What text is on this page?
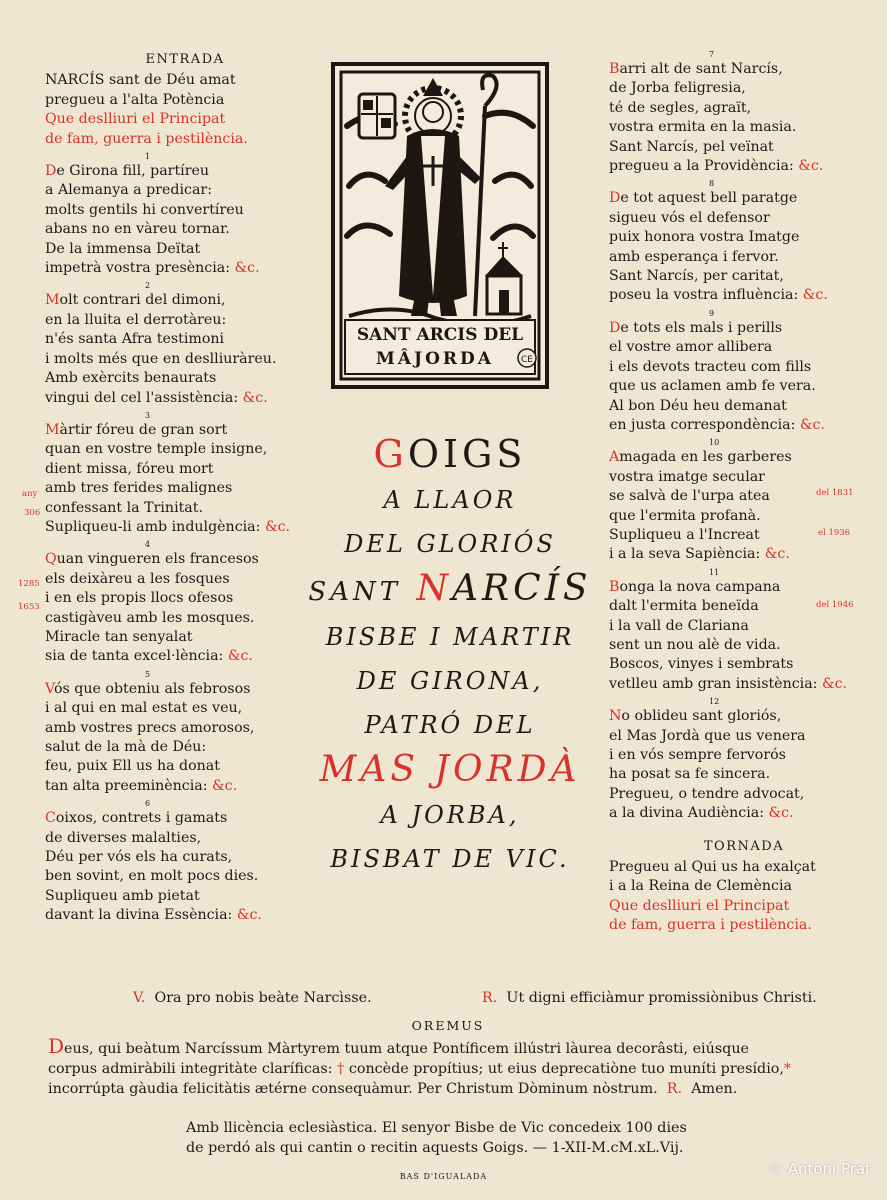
ENTRADA
NARCÍS sant de Déu amat
pregueu a l'alta Potència
Que deslliuri el Principat
de fam, guerra i pestilència.
1
De Girona fill, partíreu
a Alemanya a predicar:
molts gentils hi convertíreu
abans no en vàreu tornar.
De la immensa Deïtat
impetrà vostra presència: &c.
2
Molt contrari del dimoni,
en la lluita el derrotàreu:
n'és santa Afra testimoni
i molts més que en deslliuràreu.
Amb exèrcits benaurats
vingui del cel l'assistència: &c.
3
Màrtir fóreu de gran sort
quan en vostre temple insigne,
dient missa, fóreu mort
amb tres ferides malignes
confessant la Trinitat.
Supliqueu-li amb indulgència: &c.
4
Quan vingueren els francesos
els deixàreu a les fosques
i en els propis llocs ofesos
castigàveu amb les mosques.
Miracle tan senyalat
sia de tanta excel·lència: &c.
5
Vós que obteniu als febrosos
i al qui en mal estat es veu,
amb vostres precs amorosos,
salut de la mà de Déu:
feu, puix Ell us ha donat
tan alta preeminència: &c.
6
Coixos, contrets i gamats
de diverses malalties,
Déu per vós els ha curats,
ben sovint, en molt pocs dies.
Supliqueu amb pietat
davant la divina Essència: &c.
any
306
1285
1653
SANT ARCIS DEL
MÂJORDA	CE
GOIGS
A LLAOR
DEL GLORIÓS
SANT NARCÍS
BISBE I MARTIR
DE GIRONA,
PATRÓ DEL
MAS JORDÀ
A JORBA,
BISBAT DE VIC.
7
Barri alt de sant Narcís,
de Jorba feligresia,
té de segles, agraït,
vostra ermita en la masia.
Sant Narcís, pel veïnat
pregueu a la Providència: &c.
8
De tot aquest bell paratge
sigueu vós el defensor
puix honora vostra Imatge
amb esperança i fervor.
Sant Narcís, per caritat,
poseu la vostra influència: &c.
9
De tots els mals i perills
el vostre amor allibera
i els devots tracteu com fills
que us aclamen amb fe vera.
Al bon Déu heu demanat
en justa correspondència: &c.
10
Amagada en les garberes
vostra imatge secular
se salvà de l'urpa atea
que l'ermita profanà.
Supliqueu a l'Increat
i a la seva Sapiència: &c.
11
Bonga la nova campana
dalt l'ermita beneïda
i la vall de Clariana
sent un nou alè de vida.
Boscos, vinyes i sembrats
vetlleu amb gran insistència: &c.
12
No oblideu sant gloriós,
el Mas Jordà que us venera
i en vós sempre fervorós
ha posat sa fe sincera.
Pregueu, o tendre advocat,
a la divina Audiència: &c.
TORNADA
Pregueu al Qui us ha exalçat
i a la Reina de Clemència
Que deslliuri el Principat
de fam, guerra i pestilència.
del 1831
el 1936
del 1946
V. Ora pro nobis beàte Narcìsse.	R. Ut digni efficiàmur promissiònibus Christi.
OREMUS
Deus, qui beàtum Narcíssum Màrtyrem tuum atque Pontíficem illústri làurea decorâsti, eiúsque
corpus admiràbili integritàte claríficas: † concède propítius; ut eius deprecatiòne tuo muníti presídio,*
incorrúpta gàudia felicitàtis ætérne consequàmur. Per Christum Dòminum nòstrum. R. Amen.
Amb llicència eclesiàstica. El senyor Bisbe de Vic concedeix 100 dies
de perdó als qui cantin o recitin aquests Goigs. — 1-XII-M.cM.xL.Vij.
BAS D'IGUALADA	© Antoni Prat
